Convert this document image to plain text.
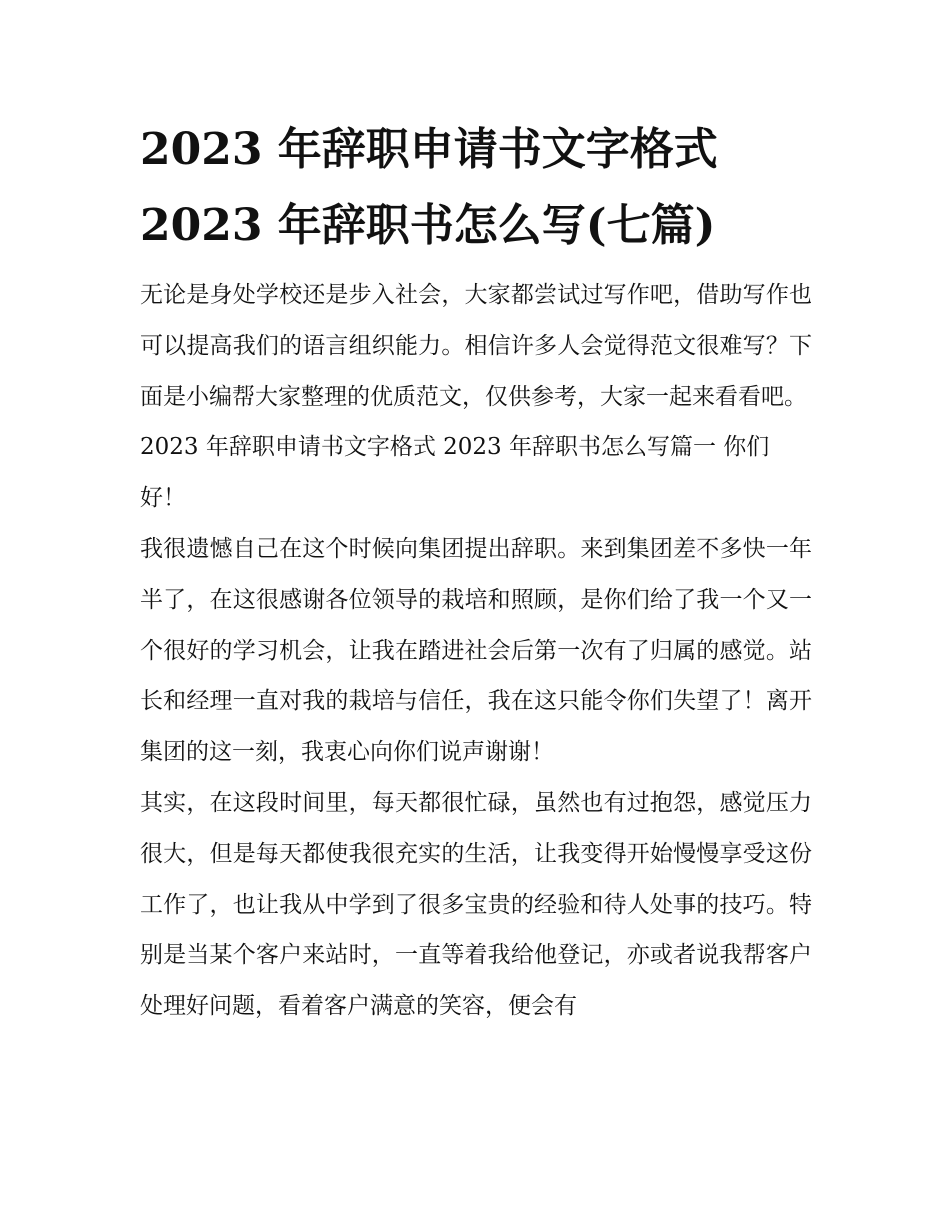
2023 年辞职申请书文字格式
2023 年辞职书怎么写(七篇)

无论是身处学校还是步入社会，大家都尝试过写作吧，借助写作也可以提高我们的语言组织能力。相信许多人会觉得范文很难写？下面是小编帮大家整理的优质范文，仅供参考，大家一起来看看吧。

2023 年辞职申请书文字格式 2023 年辞职书怎么写篇一 你们好！

我很遗憾自己在这个时候向集团提出辞职。来到集团差不多快一年半了，在这很感谢各位领导的栽培和照顾，是你们给了我一个又一个很好的学习机会，让我在踏进社会后第一次有了归属的感觉。站长和经理一直对我的栽培与信任，我在这只能令你们失望了！离开集团的这一刻，我衷心向你们说声谢谢！

其实，在这段时间里，每天都很忙碌，虽然也有过抱怨，感觉压力很大，但是每天都使我很充实的生活，让我变得开始慢慢享受这份工作了，也让我从中学到了很多宝贵的经验和待人处事的技巧。特别是当某个客户来站时，一直等着我给他登记，亦或者说我帮客户处理好问题，看着客户满意的笑容，便会有
